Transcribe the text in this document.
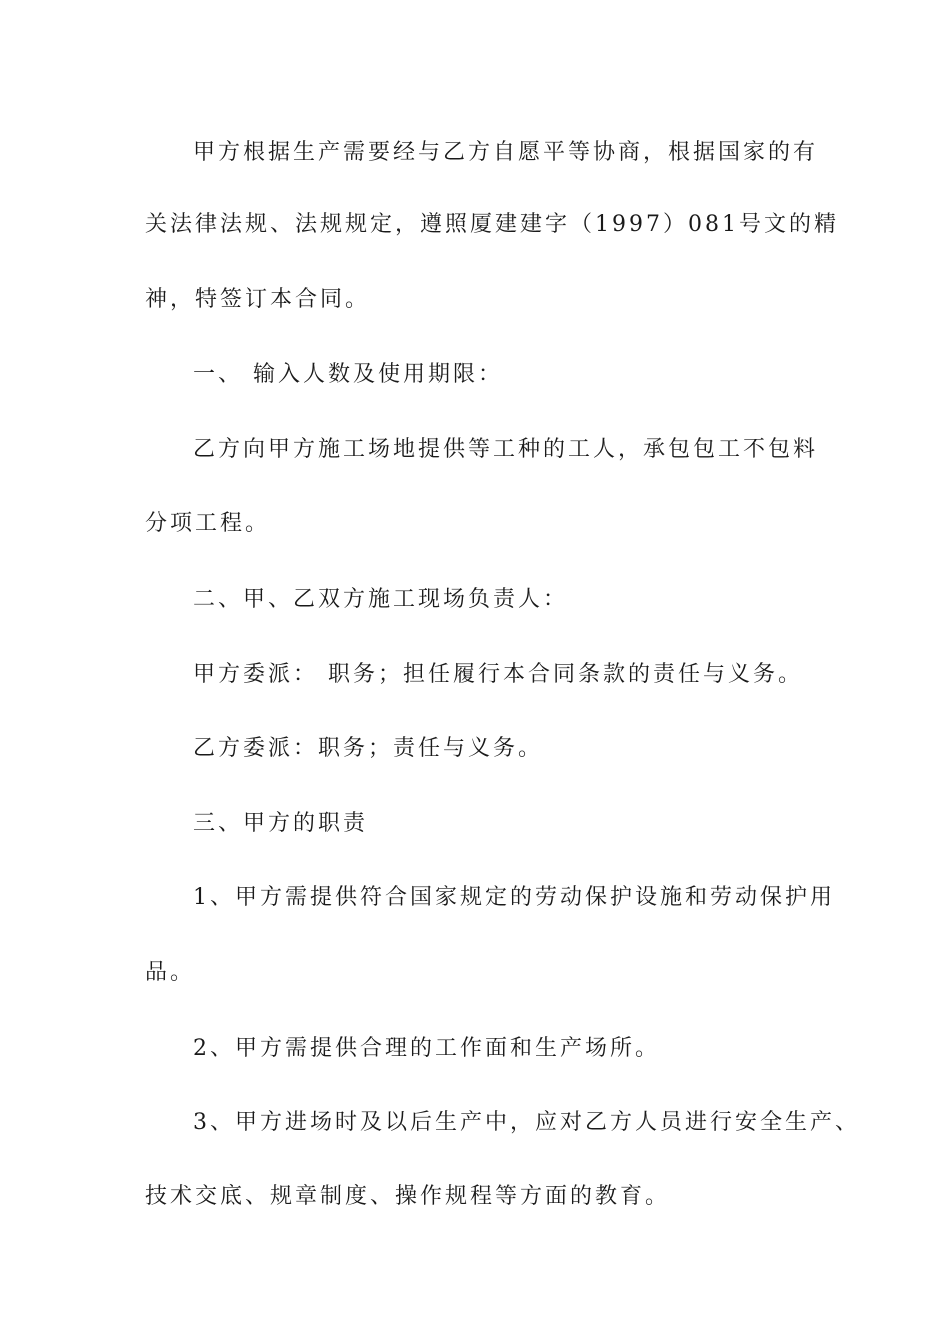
甲方根据生产需要经与乙方自愿平等协商，根据国家的有
关法律法规、法规规定，遵照厦建建字（1997）081号文的精
神，特签订本合同。
一、 输入人数及使用期限：
乙方向甲方施工场地提供等工种的工人，承包包工不包料
分项工程。
二、甲、乙双方施工现场负责人：
甲方委派： 职务；担任履行本合同条款的责任与义务。
乙方委派：职务；责任与义务。
三、甲方的职责
1、甲方需提供符合国家规定的劳动保护设施和劳动保护用
品。
2、甲方需提供合理的工作面和生产场所。
3、甲方进场时及以后生产中，应对乙方人员进行安全生产、
技术交底、规章制度、操作规程等方面的教育。
